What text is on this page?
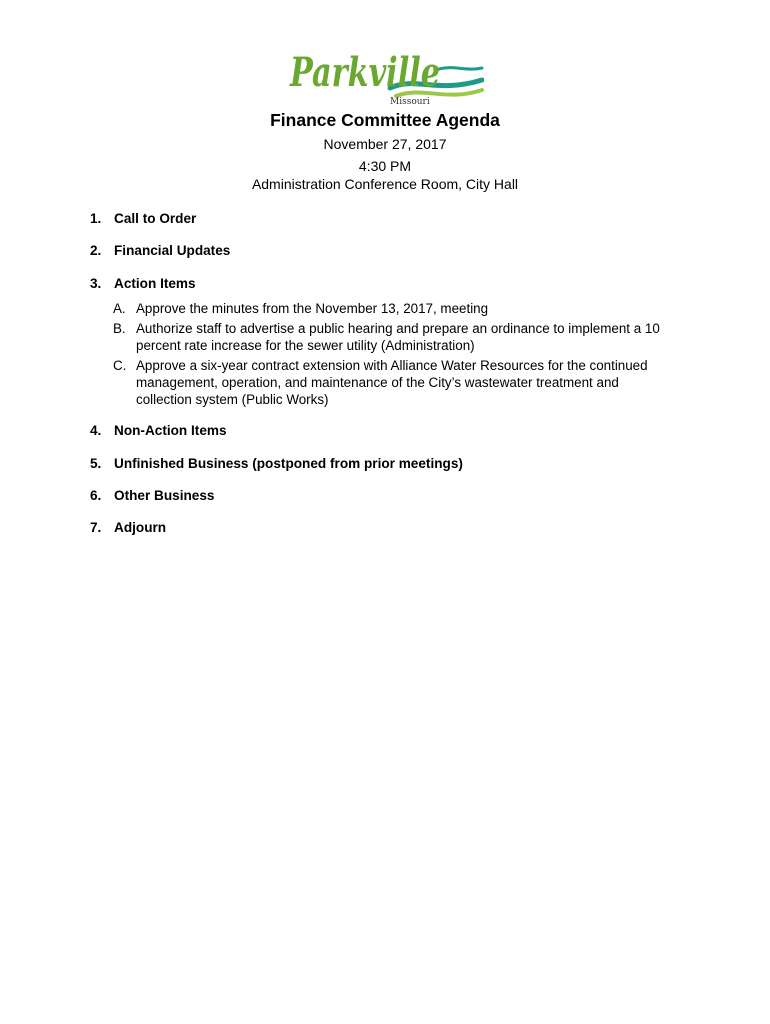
Parkville
Missouri
Finance Committee Agenda
November 27, 2017
4:30 PM
Administration Conference Room, City Hall
1. Call to Order
2. Financial Updates
3. Action Items
A. Approve the minutes from the November 13, 2017, meeting
B. Authorize staff to advertise a public hearing and prepare an ordinance to implement a 10 percent rate increase for the sewer utility (Administration)
C. Approve a six-year contract extension with Alliance Water Resources for the continued management, operation, and maintenance of the City’s wastewater treatment and collection system (Public Works)
4. Non-Action Items
5. Unfinished Business (postponed from prior meetings)
6. Other Business
7. Adjourn
